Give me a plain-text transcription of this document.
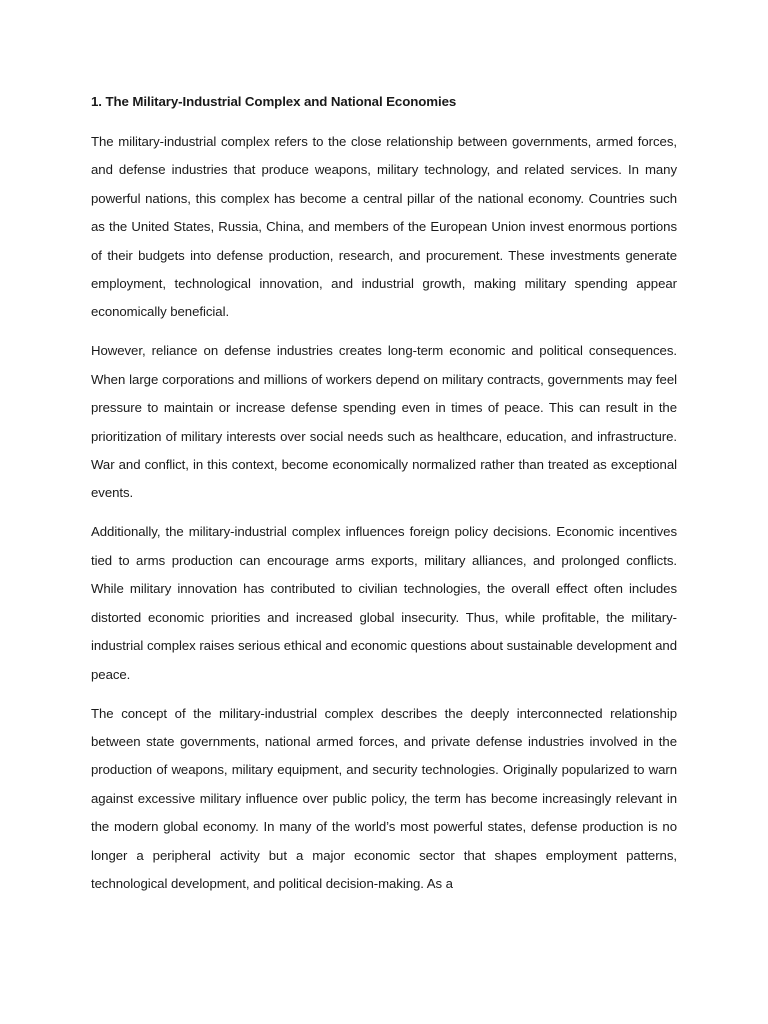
1. The Military-Industrial Complex and National Economies

The military-industrial complex refers to the close relationship between governments, armed forces, and defense industries that produce weapons, military technology, and related services. In many powerful nations, this complex has become a central pillar of the national economy. Countries such as the United States, Russia, China, and members of the European Union invest enormous portions of their budgets into defense production, research, and procurement. These investments generate employment, technological innovation, and industrial growth, making military spending appear economically beneficial.

However, reliance on defense industries creates long-term economic and political consequences. When large corporations and millions of workers depend on military contracts, governments may feel pressure to maintain or increase defense spending even in times of peace. This can result in the prioritization of military interests over social needs such as healthcare, education, and infrastructure. War and conflict, in this context, become economically normalized rather than treated as exceptional events.

Additionally, the military-industrial complex influences foreign policy decisions. Economic incentives tied to arms production can encourage arms exports, military alliances, and prolonged conflicts. While military innovation has contributed to civilian technologies, the overall effect often includes distorted economic priorities and increased global insecurity. Thus, while profitable, the military-industrial complex raises serious ethical and economic questions about sustainable development and peace.

The concept of the military-industrial complex describes the deeply interconnected relationship between state governments, national armed forces, and private defense industries involved in the production of weapons, military equipment, and security technologies. Originally popularized to warn against excessive military influence over public policy, the term has become increasingly relevant in the modern global economy. In many of the world’s most powerful states, defense production is no longer a peripheral activity but a major economic sector that shapes employment patterns, technological development, and political decision-making. As a
